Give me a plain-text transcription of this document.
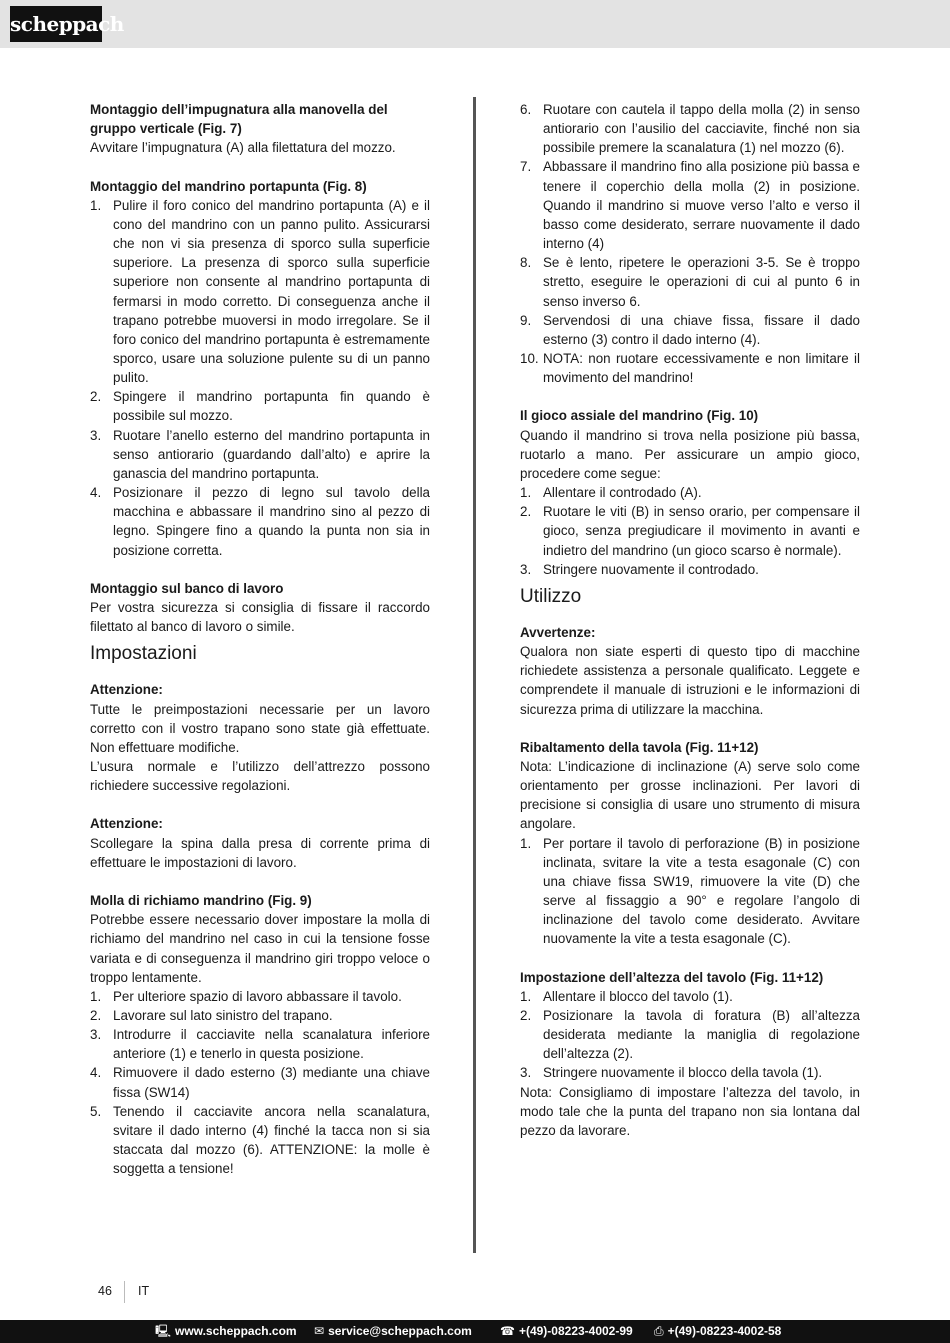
scheppach

Montaggio dell’impugnatura alla manovella del gruppo verticale (Fig. 7)

Avvitare l’impugnatura (A) alla filettatura del mozzo.

Montaggio del mandrino portapunta (Fig. 8)

1. Pulire il foro conico del mandrino portapunta (A) e il cono del mandrino con un panno pulito. Assicurarsi che non vi sia presenza di sporco sulla superficie superiore. La presenza di sporco sulla superficie superiore non consente al mandrino portapunta di fermarsi in modo corretto. Di conseguenza anche il trapano potrebbe muoversi in modo irregolare. Se il foro conico del mandrino portapunta è estremamente sporco, usare una soluzione pulente su di un panno pulito.
2. Spingere il mandrino portapunta fin quando è possibile sul mozzo.
3. Ruotare l’anello esterno del mandrino portapunta in senso antiorario (guardando dall’alto) e aprire la ganascia del mandrino portapunta.
4. Posizionare il pezzo di legno sul tavolo della macchina e abbassare il mandrino sino al pezzo di legno. Spingere fino a quando la punta non sia in posizione corretta.

Montaggio sul banco di lavoro

Per vostra sicurezza si consiglia di fissare il raccordo filettato al banco di lavoro o simile.

Impostazioni

Attenzione:

Tutte le preimpostazioni necessarie per un lavoro corretto con il vostro trapano sono state già effettuate. Non effettuare modifiche.

L’usura normale e l’utilizzo dell’attrezzo possono richiedere successive regolazioni.

Attenzione:

Scollegare la spina dalla presa di corrente prima di effettuare le impostazioni di lavoro.

Molla di richiamo mandrino (Fig. 9)

Potrebbe essere necessario dover impostare la molla di richiamo del mandrino nel caso in cui la tensione fosse variata e di conseguenza il mandrino giri troppo veloce o troppo lentamente.

1. Per ulteriore spazio di lavoro abbassare il tavolo.
2. Lavorare sul lato sinistro del trapano.
3. Introdurre il cacciavite nella scanalatura inferiore anteriore (1) e tenerlo in questa posizione.
4. Rimuovere il dado esterno (3) mediante una chiave fissa (SW14)
5. Tenendo il cacciavite ancora nella scanalatura, svitare il dado interno (4) finché la tacca non si sia staccata dal mozzo (6). ATTENZIONE: la molle è soggetta a tensione!
6. Ruotare con cautela il tappo della molla (2) in senso antiorario con l’ausilio del cacciavite, finché non sia possibile premere la scanalatura (1) nel mozzo (6).
7. Abbassare il mandrino fino alla posizione più bassa e tenere il coperchio della molla (2) in posizione. Quando il mandrino si muove verso l’alto e verso il basso come desiderato, serrare nuovamente il dado interno (4)
8. Se è lento, ripetere le operazioni 3-5. Se è troppo stretto, eseguire le operazioni di cui al punto 6 in senso inverso 6.
9. Servendosi di una chiave fissa, fissare il dado esterno (3) contro il dado interno (4).
10. NOTA: non ruotare eccessivamente e non limitare il movimento del mandrino!

Il gioco assiale del mandrino (Fig. 10)

Quando il mandrino si trova nella posizione più bassa, ruotarlo a mano. Per assicurare un ampio gioco, procedere come segue:

1. Allentare il controdado (A).
2. Ruotare le viti (B) in senso orario, per compensare il gioco, senza pregiudicare il movimento in avanti e indietro del mandrino (un gioco scarso è normale).
3. Stringere nuovamente il controdado.
Utilizzo

Avvertenze:

Qualora non siate esperti di questo tipo di macchine richiedete assistenza a personale qualificato. Leggete e comprendete il manuale di istruzioni e le informazioni di sicurezza prima di utilizzare la macchina.

Ribaltamento della tavola (Fig. 11+12)

Nota: L’indicazione di inclinazione (A) serve solo come orientamento per grosse inclinazioni. Per lavori di precisione si consiglia di usare uno strumento di misura angolare.

1. Per portare il tavolo di perforazione (B) in posizione inclinata, svitare la vite a testa esagonale (C) con una chiave fissa SW19, rimuovere la vite (D) che serve al fissaggio a 90° e regolare l’angolo di inclinazione del tavolo come desiderato. Avvitare nuovamente la vite a testa esagonale (C).

Impostazione dell’altezza del tavolo (Fig. 11+12)

1. Allentare il blocco del tavolo (1).
2. Posizionare la tavola di foratura (B) all’altezza desiderata mediante la maniglia di regolazione dell’altezza (2).
3. Stringere nuovamente il blocco della tavola (1).

Nota: Consigliamo di impostare l’altezza del tavolo, in modo tale che la punta del trapano non sia lontana dal pezzo da lavorare.

46 IT
🖳 www.scheppach.com ✉ service@scheppach.com ☎ +(49)-08223-4002-99 ⎙ +(49)-08223-4002-58
